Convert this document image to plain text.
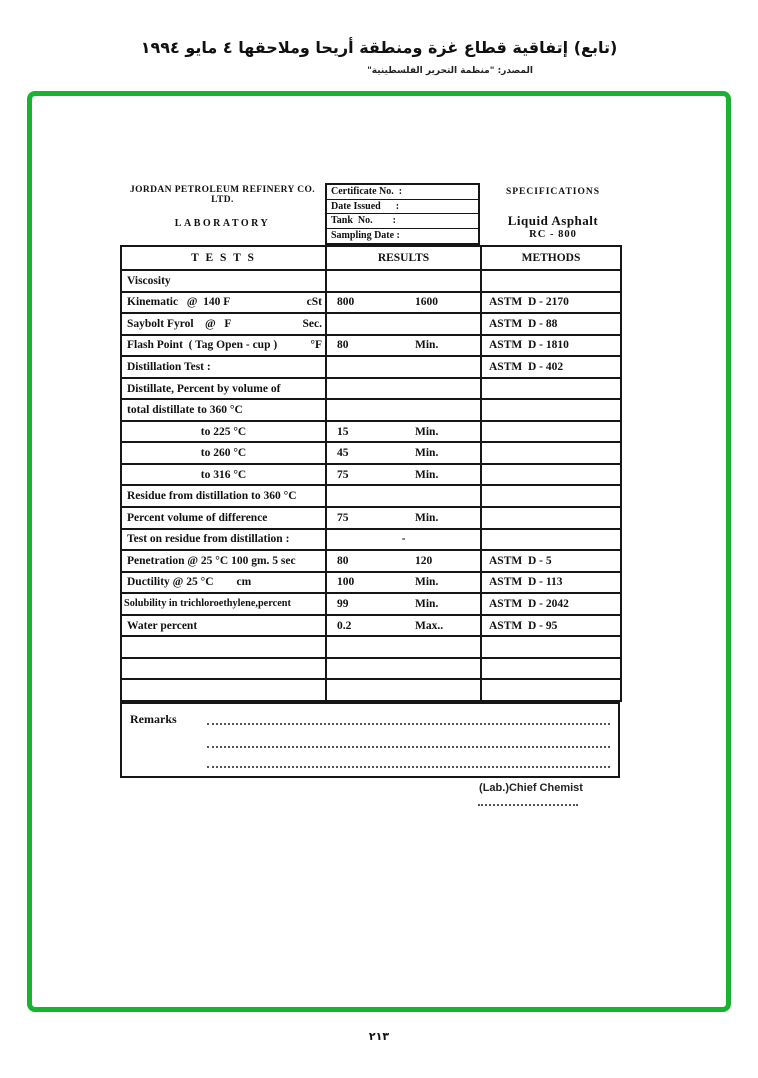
(تابع) إتفاقية قطاع غزة ومنطقة أريحا وملاحقها ٤ مايو ١٩٩٤
المصدر: "منظمة التحرير الفلسطينية"
JORDAN PETROLEUM REFINERY CO. LTD.
LABORATORY
Certificate No.  :
Date Issued      :
Tank  No.        :
Sampling Date :
SPECIFICATIONS
Liquid Asphalt
RC - 800
T E S T S	RESULTS	METHODS
Viscosity		
Kinematic   @  140 F cSt	800 1600	ASTM  D - 2170
Saybolt Fyrol    @   F Sec.		ASTM  D - 88
Flash Point  ( Tag Open - cup ) °F	80 Min.	ASTM  D - 1810
Distillation Test :		ASTM  D - 402
Distillate, Percent by volume of		
total distillate to 360 °C		
to 225 °C	15 Min.	

to 260 °C	45 Min.	

to 316 °C	75 Min.	

Residue from distillation to 360 °C		
Percent volume of difference	75 Min.	

Test on residue from distillation :	-	

Penetration @ 25 °C 100 gm. 5 sec	80 120	ASTM  D - 5
Ductility @ 25 °C        cm	100 Min.	ASTM  D - 113
Solubility in trichloroethylene,percent	99 Min.	ASTM  D - 2042
Water percent	0.2 Max..	ASTM  D - 95

Remarks
(Lab.)Chief Chemist
٢١٣
